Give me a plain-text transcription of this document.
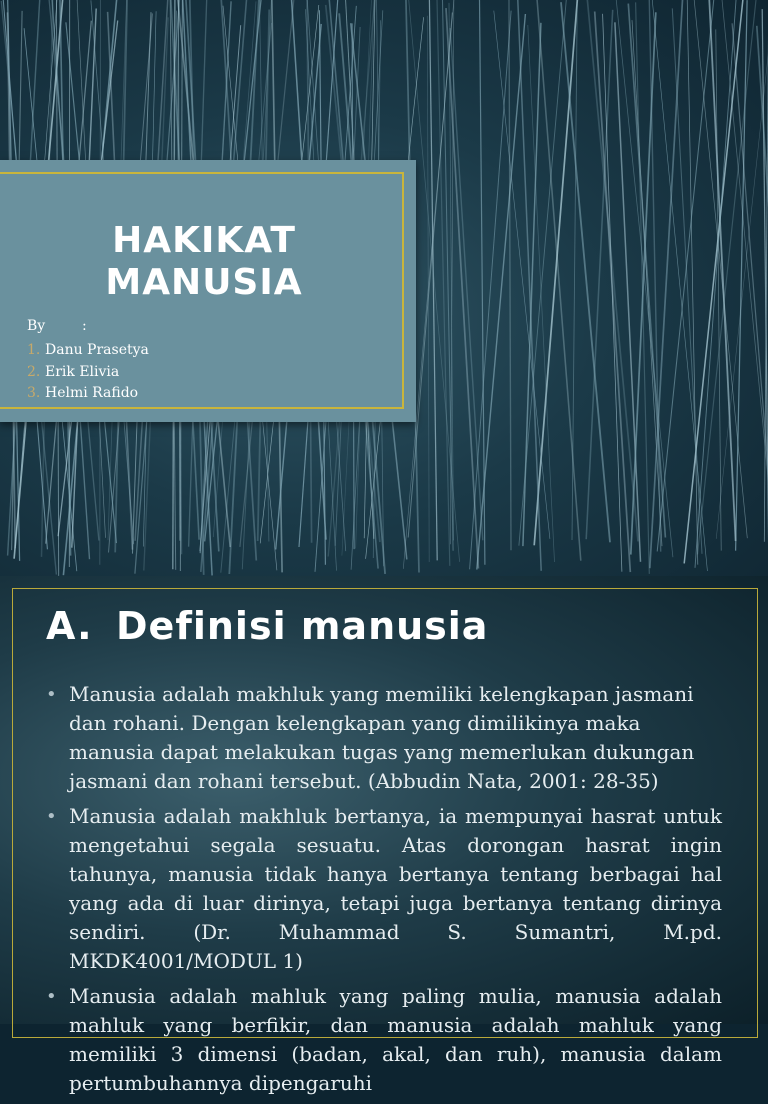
HAKIKAT
MANUSIA
By	:
1. Danu Prasetya
2. Erik Elivia
3. Helmi Rafido
A. Definisi manusia
• Manusia adalah makhluk yang memiliki kelengkapan jasmani dan rohani. Dengan kelengkapan yang dimilikinya maka manusia dapat melakukan tugas yang memerlukan dukungan jasmani dan rohani tersebut. (Abbudin Nata, 2001: 28-35)
• Manusia adalah makhluk bertanya, ia mempunyai hasrat untuk mengetahui segala sesuatu. Atas dorongan hasrat ingin tahunya, manusia tidak hanya bertanya tentang berbagai hal yang ada di luar dirinya, tetapi juga bertanya tentang dirinya sendiri. (Dr. Muhammad S. Sumantri, M.pd. MKDK4001/MODUL 1)
• Manusia adalah mahluk yang paling mulia, manusia adalah mahluk yang berfikir, dan manusia adalah mahluk yang memiliki 3 dimensi (badan, akal, dan ruh), manusia dalam pertumbuhannya dipengaruhi
